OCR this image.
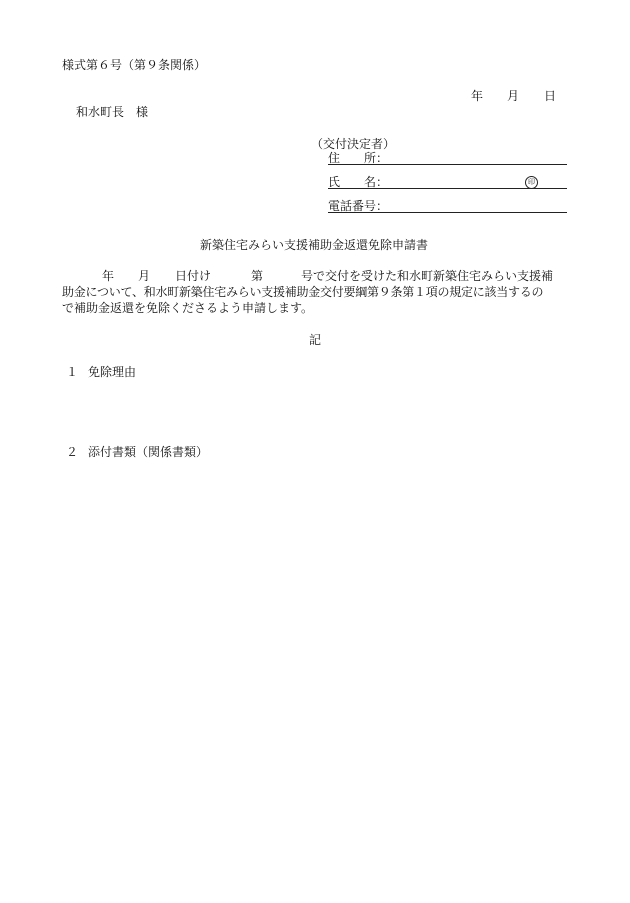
様式第６号（第９条関係）
年 月 日
和水町長　様
（交付決定者）
住　　所：
氏　　名：	印
電話番号：
新築住宅みらい支援補助金返還免除申請書
年 月 日付け	第	号で交付を受けた和水町新築住宅みらい支援補
助金について、和水町新築住宅みらい支援補助金交付要綱第９条第１項の規定に該当するの
で補助金返還を免除くださるよう申請します。
記
１ 免除理由
２ 添付書類（関係書類）
